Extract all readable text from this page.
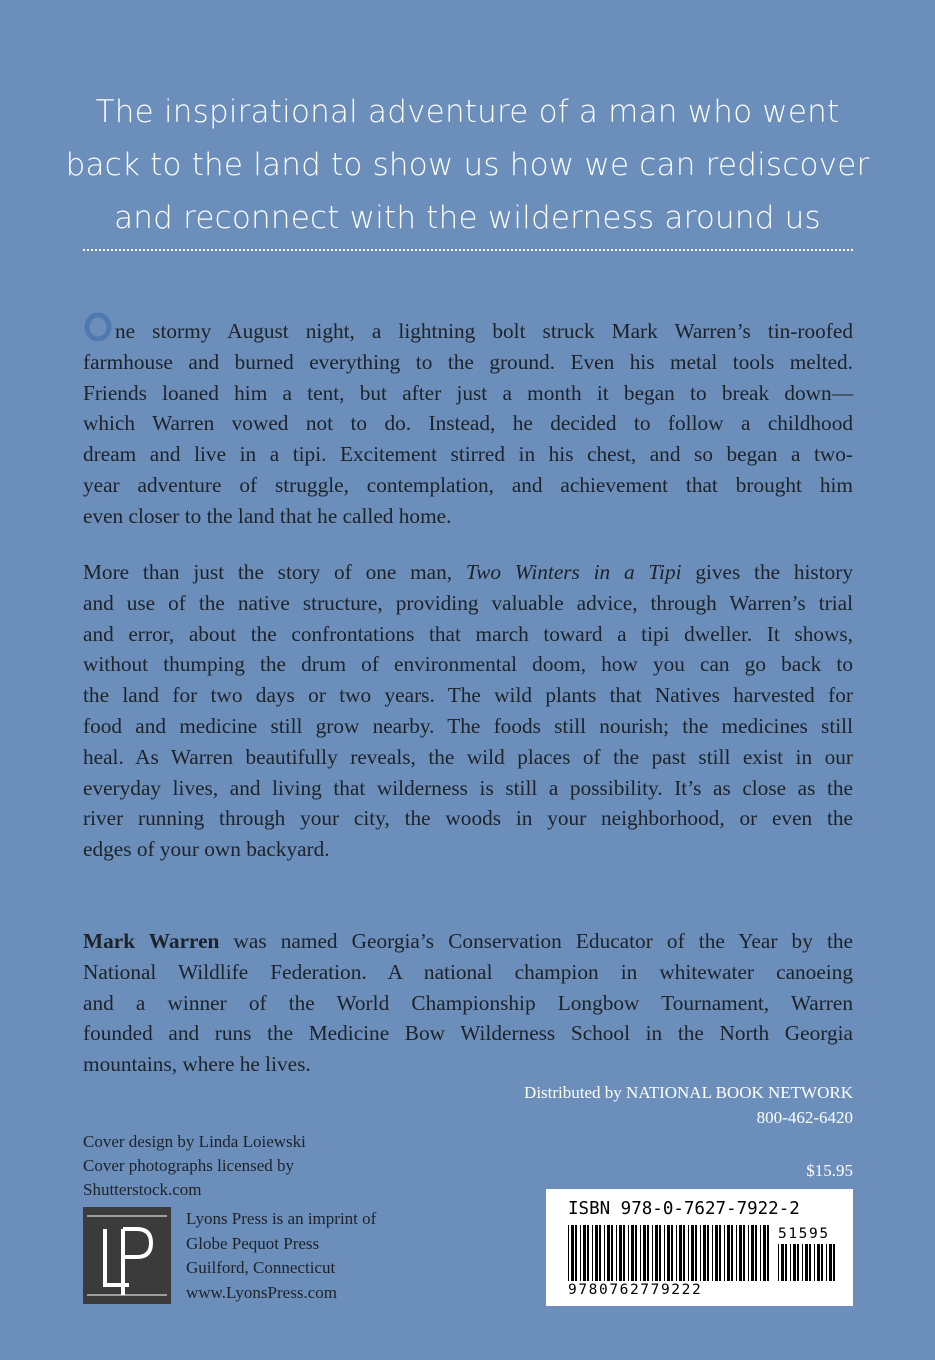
The inspirational adventure of a man who went
back to the land to show us how we can rediscover
and reconnect with the wilderness around us
ne stormy August night, a lightning bolt struck Mark Warren’s tin-roofed
farmhouse and burned everything to the ground. Even his metal tools melted.
Friends loaned him a tent, but after just a month it began to break down—
which Warren vowed not to do. Instead, he decided to follow a childhood
dream and live in a tipi. Excitement stirred in his chest, and so began a two-
year adventure of struggle, contemplation, and achievement that brought him
even closer to the land that he called home.
More than just the story of one man, Two Winters in a Tipi gives the history
and use of the native structure, providing valuable advice, through Warren’s trial
and error, about the confrontations that march toward a tipi dweller. It shows,
without thumping the drum of environmental doom, how you can go back to
the land for two days or two years. The wild plants that Natives harvested for
food and medicine still grow nearby. The foods still nourish; the medicines still
heal. As Warren beautifully reveals, the wild places of the past still exist in our
everyday lives, and living that wilderness is still a possibility. It’s as close as the
river running through your city, the woods in your neighborhood, or even the
edges of your own backyard.
Mark Warren was named Georgia’s Conservation Educator of the Year by the
National Wildlife Federation. A national champion in whitewater canoeing
and a winner of the World Championship Longbow Tournament, Warren
founded and runs the Medicine Bow Wilderness School in the North Georgia
mountains, where he lives.
Distributed by NATIONAL BOOK NETWORK
800-462-6420
Cover design by Linda Loiewski
Cover photographs licensed by
Shutterstock.com
$15.95
Lyons Press is an imprint of
Globe Pequot Press
Guilford, Connecticut
www.LyonsPress.com
ISBN 978-0-7627-7922-2
9780762779222
51595
